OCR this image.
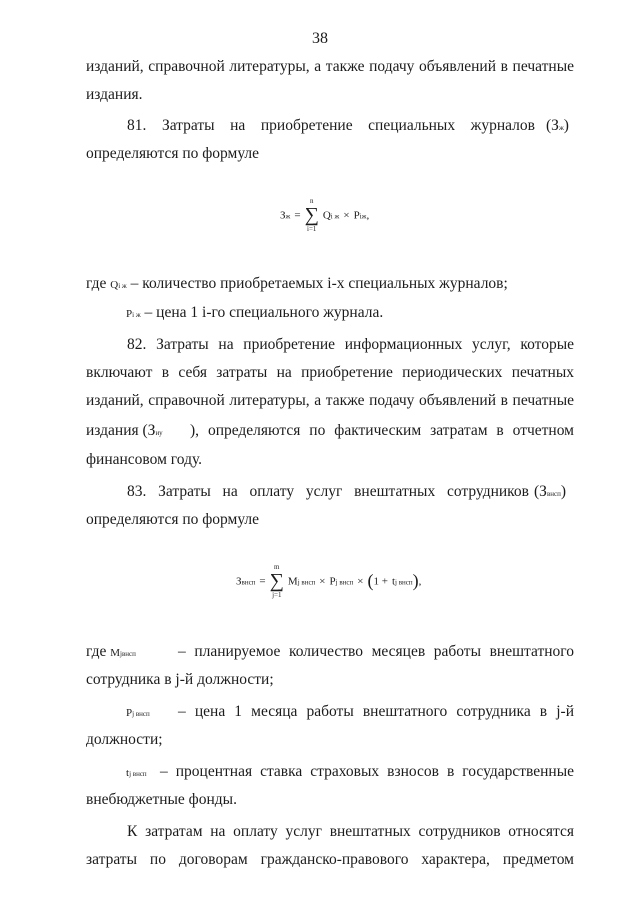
38
изданий, справочной литературы, а также подачу объявлений в печатные
издания.
81. Затраты на приобретение специальных журналов (Зж)
определяются по формуле
Зж =
n
∑
i=1
Qi ж × Piж,
где Qi ж – количество приобретаемых i-х специальных журналов;
Pi ж – цена 1 i-го специального журнала.
82. Затраты на приобретение информационных услуг, которые
включают в себя затраты на приобретение периодических печатных
изданий, справочной литературы, а также подачу объявлений в печатные
издания (Зиу ), определяются по фактическим затратам в отчетном
финансовом году.
83. Затраты на оплату услуг внештатных сотрудников (Звнсп)
определяются по формуле
Звнсп =
m
∑
j=1
Mj внсп × Pj внсп × (1 + tj внсп),
где Mjвнсп	– планируемое количество месяцев работы внештатного
сотрудника в j-й должности;
Pj внсп – цена 1 месяца работы внештатного сотрудника в j-й
должности;
tj внсп – процентная ставка страховых взносов в государственные
внебюджетные фонды.
К затратам на оплату услуг внештатных сотрудников относятся
затраты по договорам гражданско-правового характера, предметом
